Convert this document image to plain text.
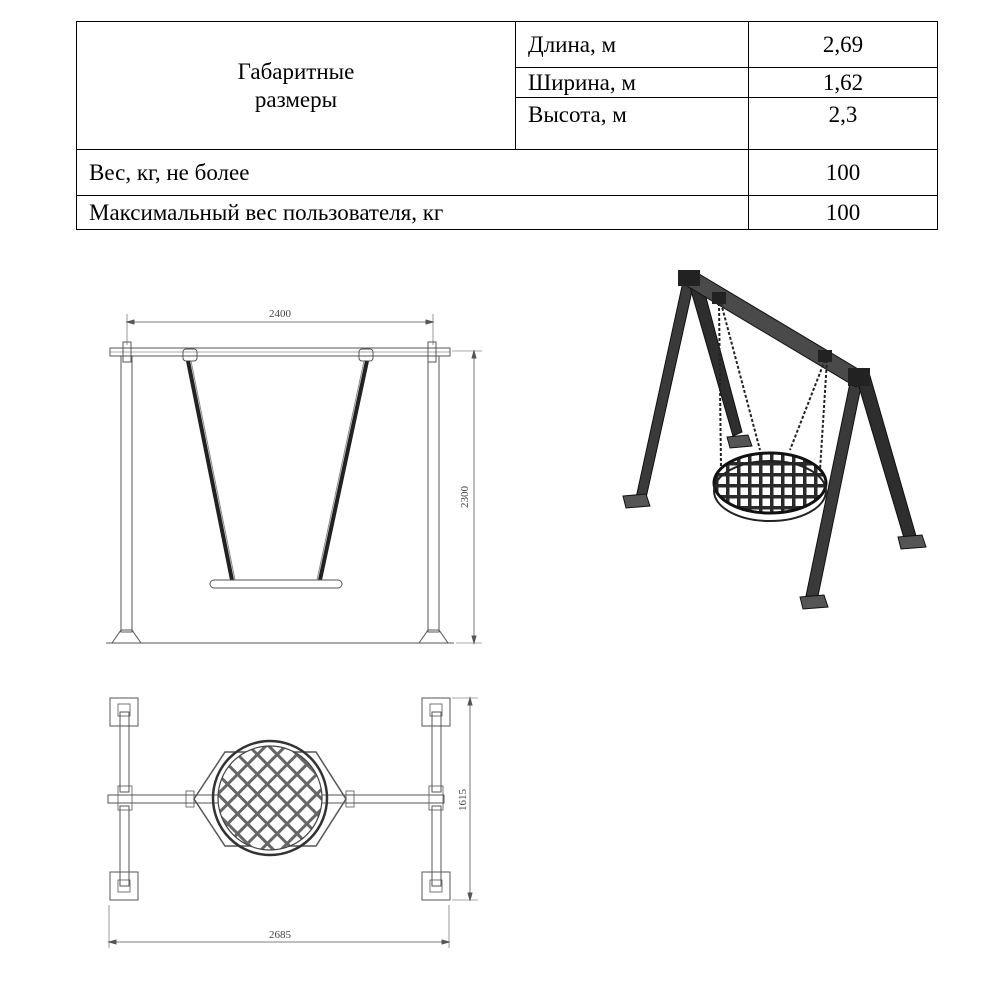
Габаритные
размеры	Длина, м	2,69
	Ширина, м	1,62
	Высота, м	2,3
Вес, кг, не более		100
Максимальный вес пользователя, кг		100
2400
2300
1615
2685
